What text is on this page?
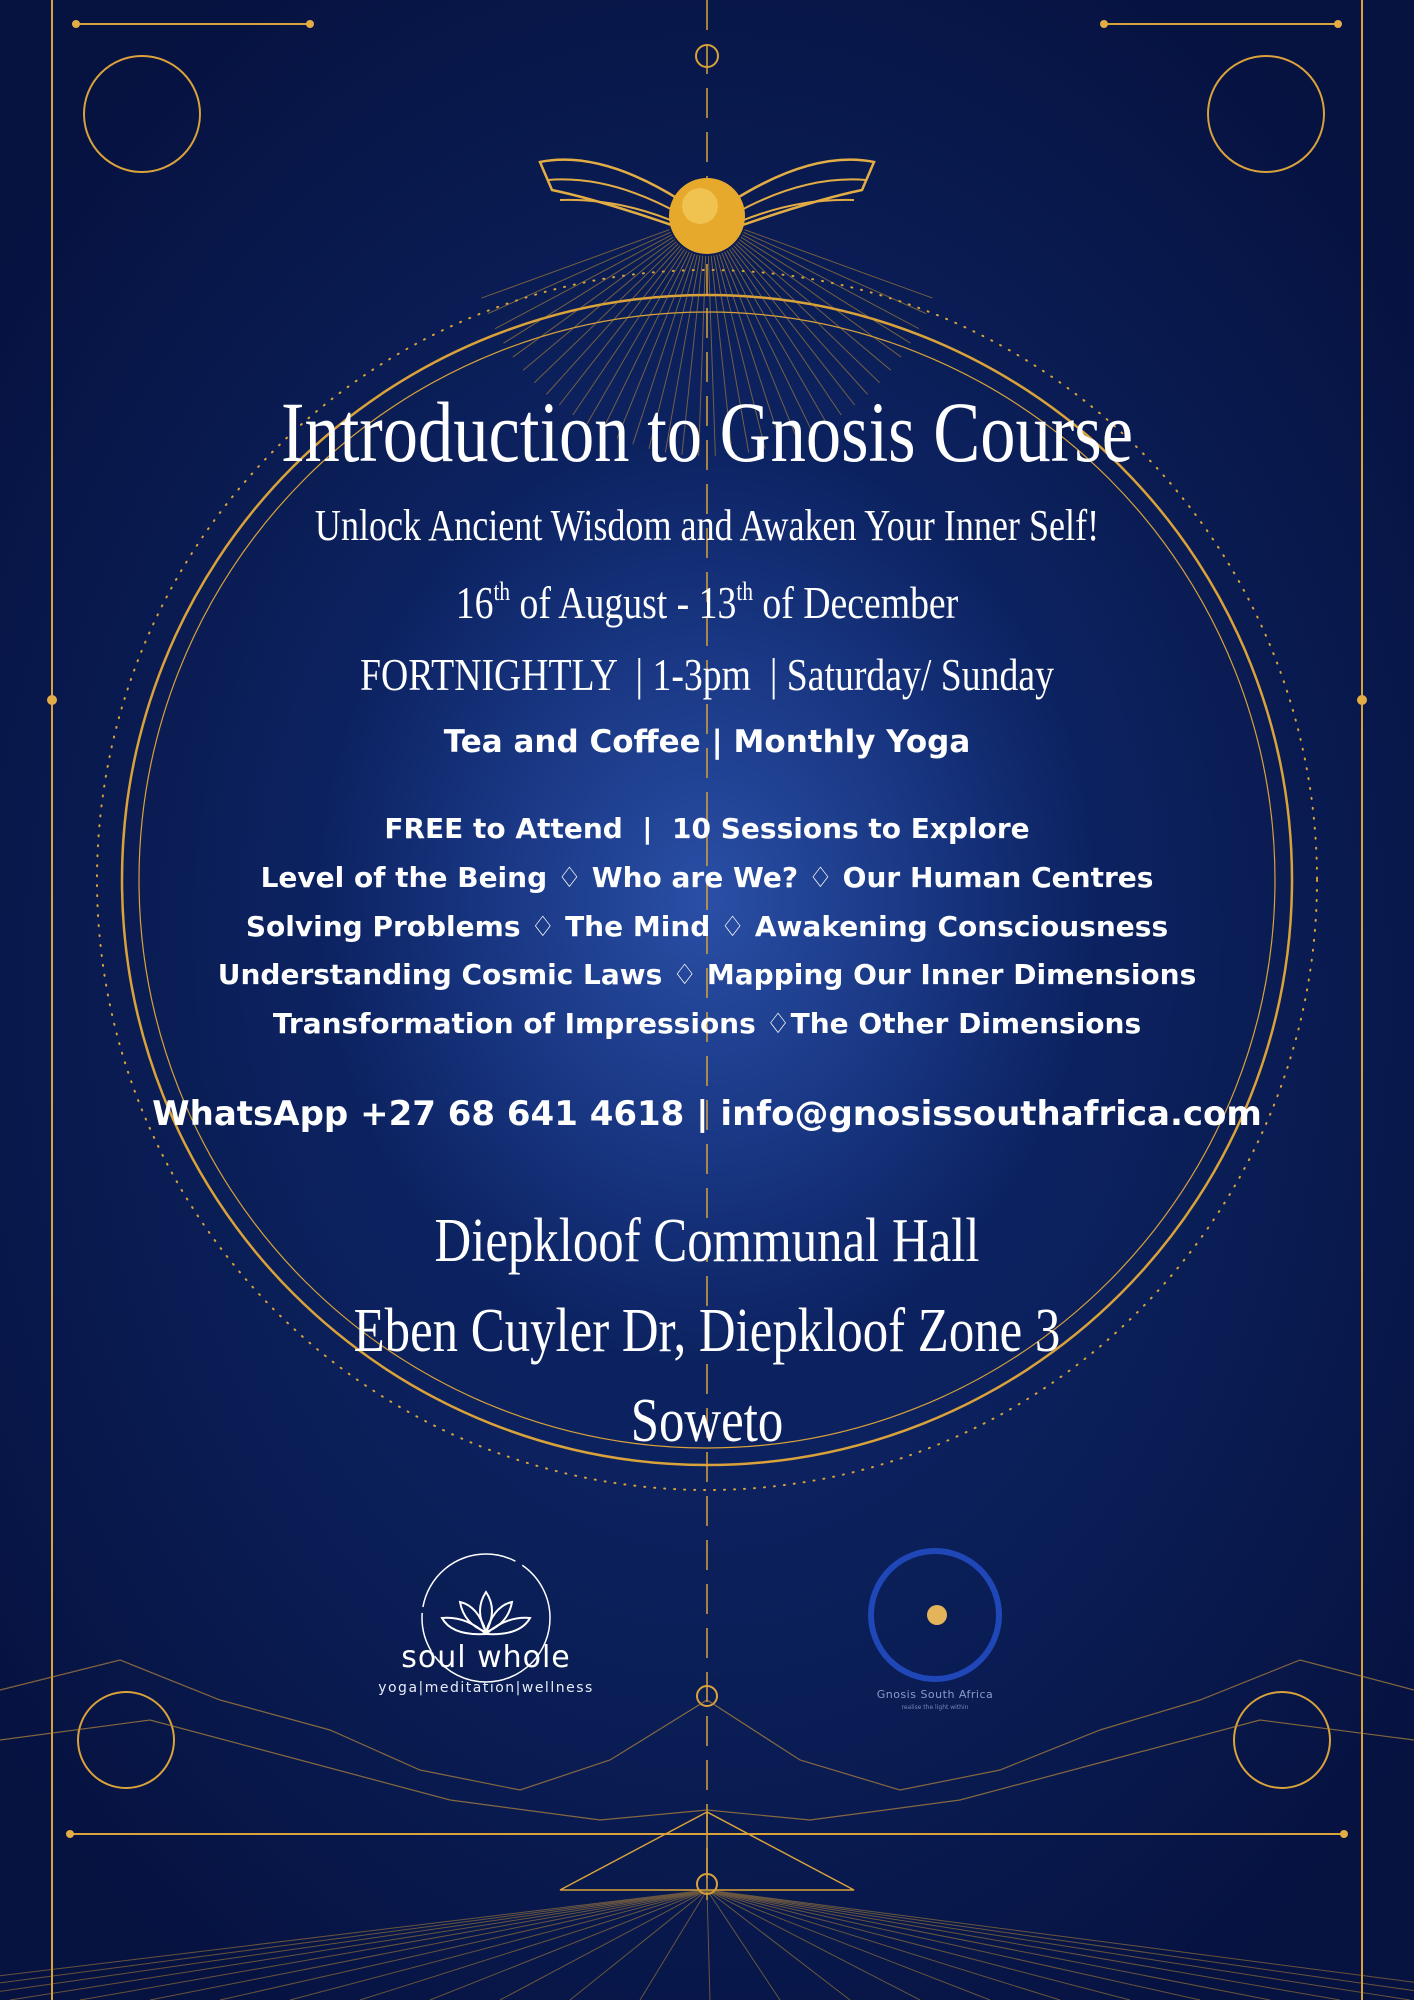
Introduction to Gnosis Course
Unlock Ancient Wisdom and Awaken Your Inner Self!
16th of August - 13th of December
FORTNIGHTLY  | 1-3pm  | Saturday/ Sunday
Tea and Coffee | Monthly Yoga
FREE to Attend  |  10 Sessions to Explore
Level of the Being ♢ Who are We? ♢ Our Human Centres
Solving Problems ♢ The Mind ♢ Awakening Consciousness
Understanding Cosmic Laws ♢ Mapping Our Inner Dimensions
Transformation of Impressions ♢The Other Dimensions
WhatsApp +27 68 641 4618 | info@gnosissouthafrica.com
Diepkloof Communal Hall
Eben Cuyler Dr, Diepkloof Zone 3
Soweto
soul whole
yoga|meditation|wellness	Gnosis South Africa
realise the light within
